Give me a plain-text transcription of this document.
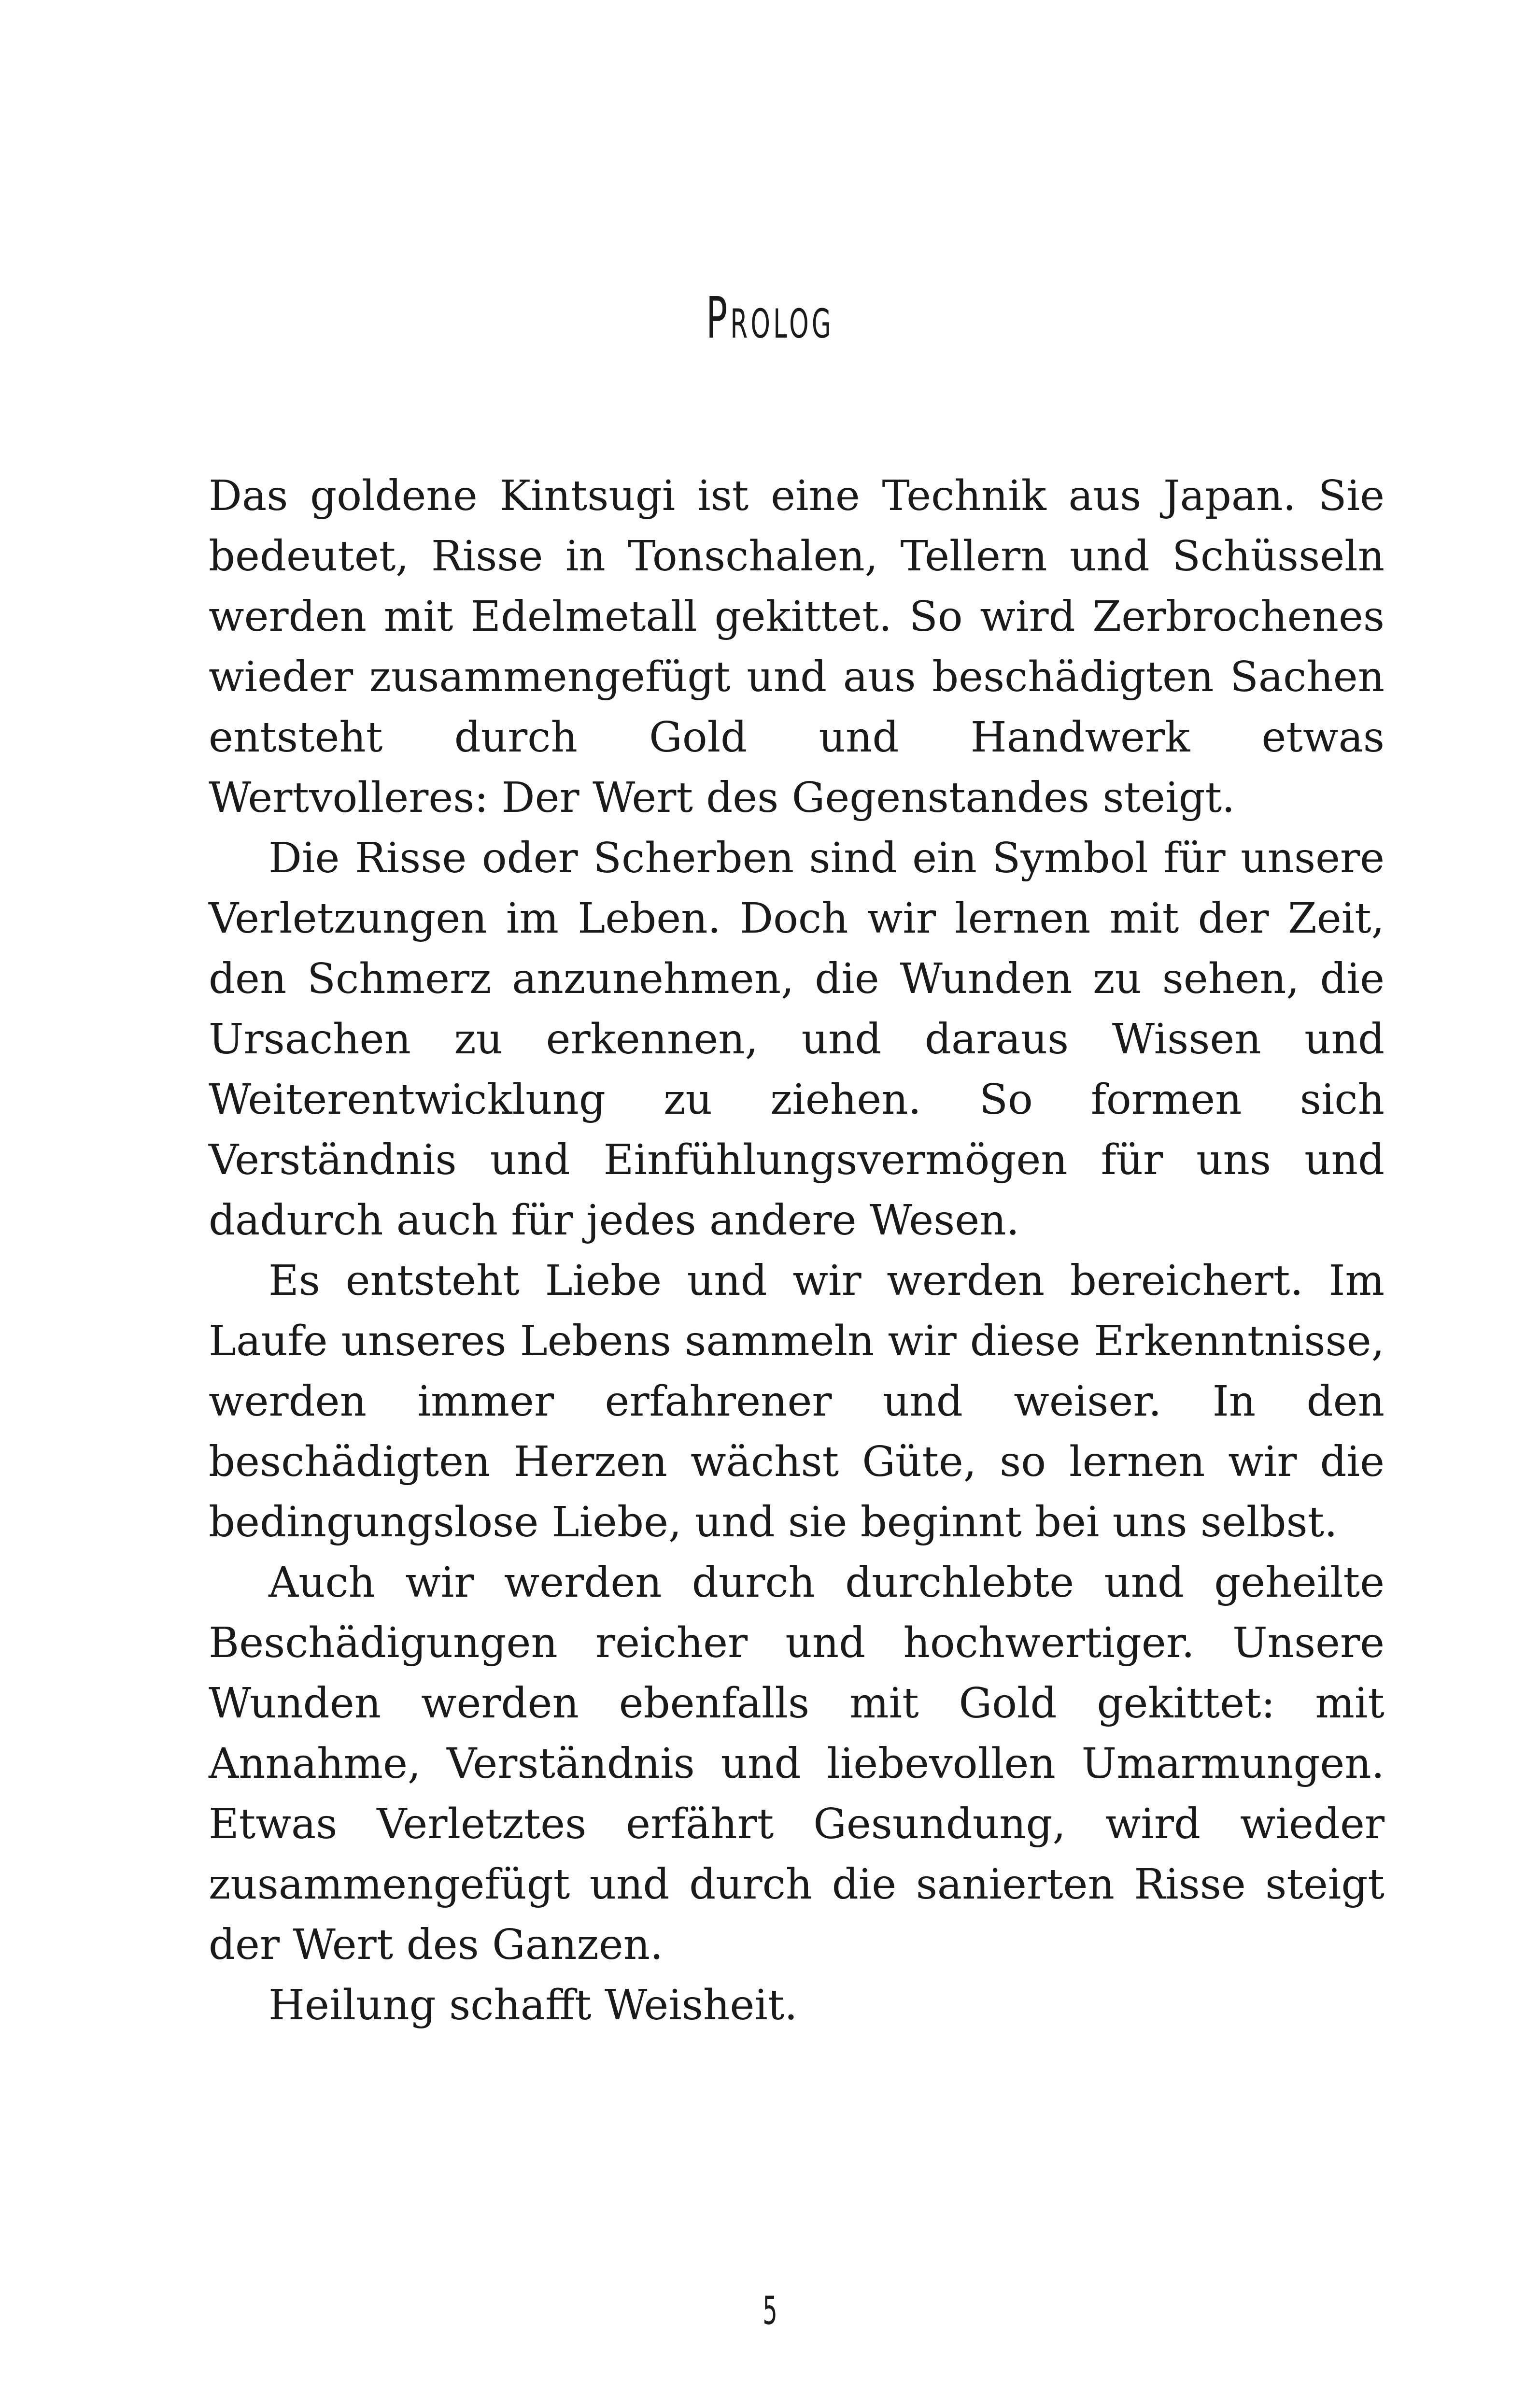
Prolog

Das goldene Kintsugi ist eine Technik aus Japan. Sie bedeutet, Risse in Tonschalen, Tellern und Schüsseln werden mit Edelmetall gekittet. So wird Zerbrochenes wieder zusammengefügt und aus beschädigten Sachen entsteht durch Gold und Handwerk etwas Wertvolleres: Der Wert des Gegenstandes steigt.

Die Risse oder Scherben sind ein Symbol für unsere Verletzungen im Leben. Doch wir lernen mit der Zeit, den Schmerz anzunehmen, die Wunden zu sehen, die Ursachen zu erkennen, und daraus Wissen und Weiterentwicklung zu ziehen. So formen sich Verständnis und Einfühlungsvermögen für uns und dadurch auch für jedes andere Wesen.

Es entsteht Liebe und wir werden bereichert. Im Laufe unseres Lebens sammeln wir diese Erkenntnisse, werden immer erfahrener und weiser. In den beschädigten Herzen wächst Güte, so lernen wir die bedingungslose Liebe, und sie beginnt bei uns selbst.

Auch wir werden durch durchlebte und geheilte Beschädigungen reicher und hochwertiger. Unsere Wunden werden ebenfalls mit Gold gekittet: mit Annahme, Verständnis und liebevollen Umarmungen. Etwas Verletztes erfährt Gesundung, wird wieder zusammengefügt und durch die sanierten Risse steigt der Wert des Ganzen.

Heilung schafft Weisheit.

5
